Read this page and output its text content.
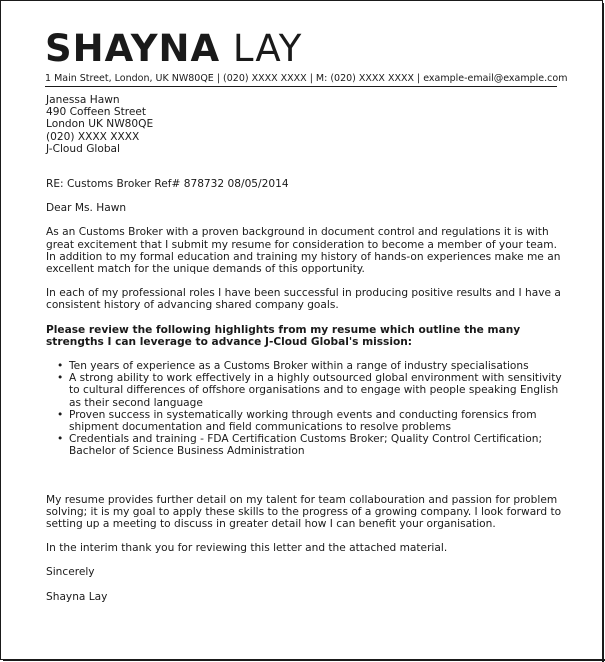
SHAYNA LAY
1 Main Street, London, UK NW80QE | (020) XXXX XXXX | M: (020) XXXX XXXX | example-email@example.com
Janessa Hawn
490 Coffeen Street
London UK NW80QE
(020) XXXX XXXX
J-Cloud Global

RE: Customs Broker Ref# 878732 08/05/2014

Dear Ms. Hawn

As an Customs Broker with a proven background in document control and regulations it is with great excitement that I submit my resume for consideration to become a member of your team. In addition to my formal education and training my history of hands-on experiences make me an excellent match for the unique demands of this opportunity.

In each of my professional roles I have been successful in producing positive results and I have a consistent history of advancing shared company goals.

Please review the following highlights from my resume which outline the many strengths I can leverage to advance J-Cloud Global's mission:

• Ten years of experience as a Customs Broker within a range of industry specialisations
• A strong ability to work effectively in a highly outsourced global environment with sensitivity to cultural differences of offshore organisations and to engage with people speaking English as their second language
• Proven success in systematically working through events and conducting forensics from shipment documentation and field communications to resolve problems
• Credentials and training - FDA Certification Customs Broker; Quality Control Certification; Bachelor of Science Business Administration

My resume provides further detail on my talent for team collabouration and passion for problem solving; it is my goal to apply these skills to the progress of a growing company. I look forward to setting up a meeting to discuss in greater detail how I can benefit your organisation.

In the interim thank you for reviewing this letter and the attached material.

Sincerely

Shayna Lay
